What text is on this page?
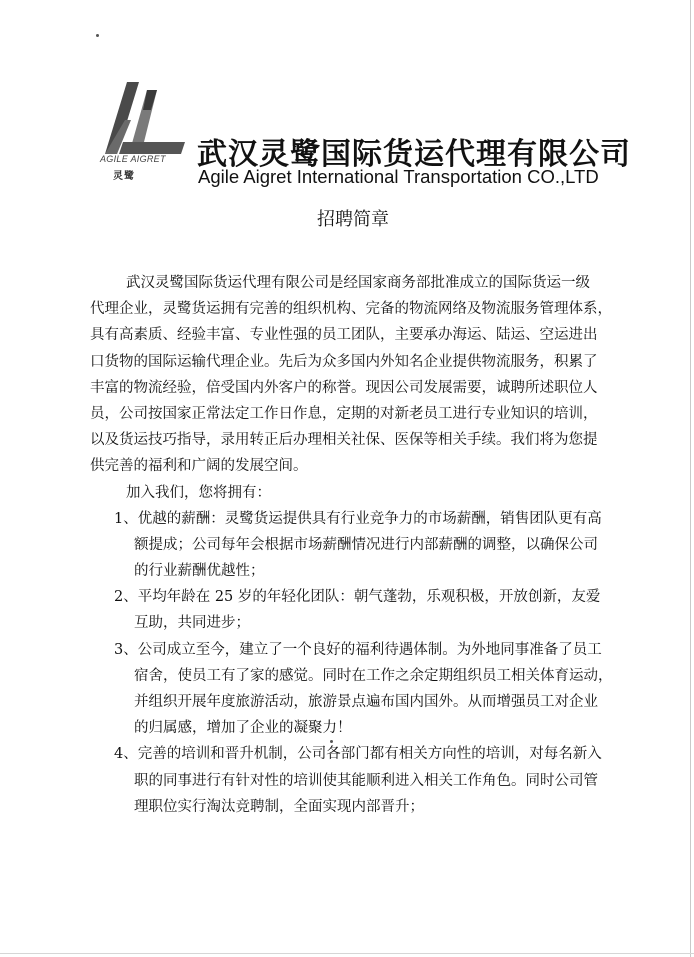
AGILE AIGRET
灵鹭
武汉灵鹭国际货运代理有限公司
Agile Aigret International Transportation CO.,LTD
招聘简章
武汉灵鹭国际货运代理有限公司是经国家商务部批准成立的国际货运一级
代理企业，灵鹭货运拥有完善的组织机构、完备的物流网络及物流服务管理体系，
具有高素质、经验丰富、专业性强的员工团队，主要承办海运、陆运、空运进出
口货物的国际运输代理企业。先后为众多国内外知名企业提供物流服务，积累了
丰富的物流经验，倍受国内外客户的称誉。现因公司发展需要，诚聘所述职位人
员，公司按国家正常法定工作日作息，定期的对新老员工进行专业知识的培训，
以及货运技巧指导，录用转正后办理相关社保、医保等相关手续。我们将为您提
供完善的福利和广阔的发展空间。
加入我们，您将拥有：
1、优越的薪酬：灵鹭货运提供具有行业竞争力的市场薪酬，销售团队更有高
额提成；公司每年会根据市场薪酬情况进行内部薪酬的调整，以确保公司
的行业薪酬优越性；
2、平均年龄在 25 岁的年轻化团队：朝气蓬勃，乐观积极，开放创新，友爱
互助，共同进步；
3、公司成立至今，建立了一个良好的福利待遇体制。为外地同事准备了员工
宿舍，使员工有了家的感觉。同时在工作之余定期组织员工相关体育运动，
并组织开展年度旅游活动，旅游景点遍布国内国外。从而增强员工对企业
的归属感，增加了企业的凝聚力！
4、完善的培训和晋升机制，公司各部门都有相关方向性的培训，对每名新入
职的同事进行有针对性的培训使其能顺利进入相关工作角色。同时公司管
理职位实行淘汰竞聘制，全面实现内部晋升；
